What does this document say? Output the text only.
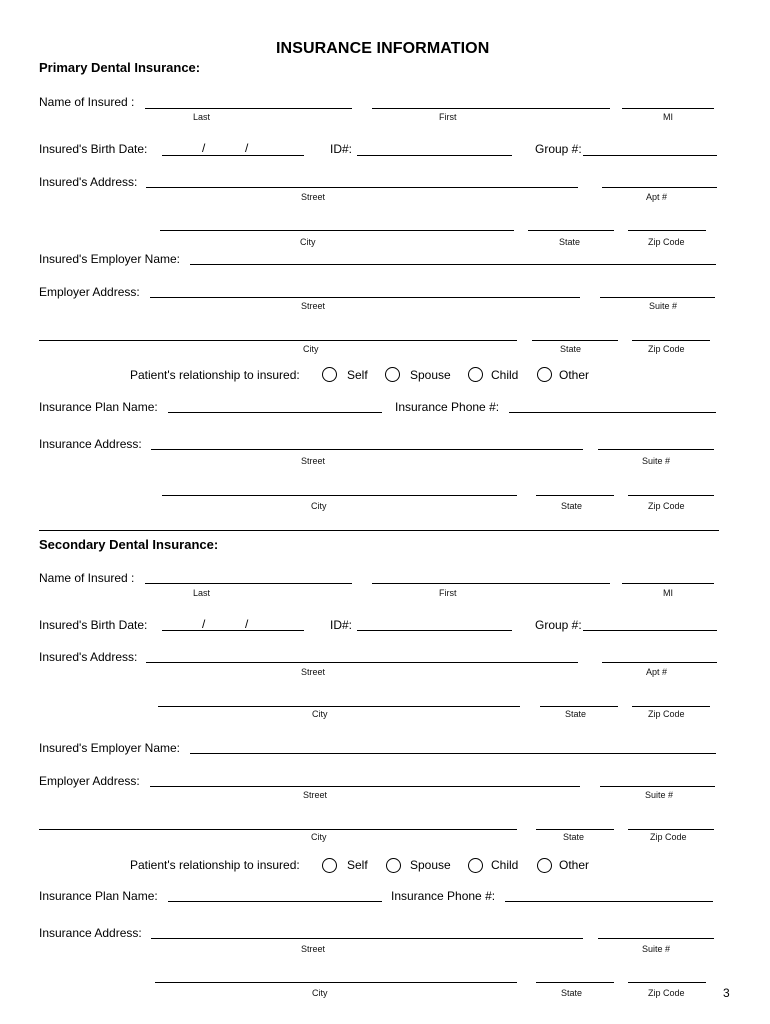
INSURANCE INFORMATION
Primary Dental Insurance:
Name of Insured :
Last	First	MI
Insured's Birth Date:	/	/	ID#:	Group #:
Insured's Address:
Street	Apt #
City	State	Zip Code
Insured's Employer Name:
Employer Address:
Street	Suite #
City	State	Zip Code
Patient's relationship to insured:	Self	Spouse	Child	Other
Insurance Plan Name:	Insurance Phone #:
Insurance Address:
Street	Suite #
City	State	Zip Code
Secondary Dental Insurance:
Name of Insured :
Last	First	MI
Insured's Birth Date:	/	/	ID#:	Group #:
Insured's Address:
Street	Apt #
City	State	Zip Code
Insured's Employer Name:
Employer Address:
Street	Suite #
City	State	Zip Code
Patient's relationship to insured:	Self	Spouse	Child	Other
Insurance Plan Name:	Insurance Phone #:
Insurance Address:
Street	Suite #
City	State	Zip Code	3
